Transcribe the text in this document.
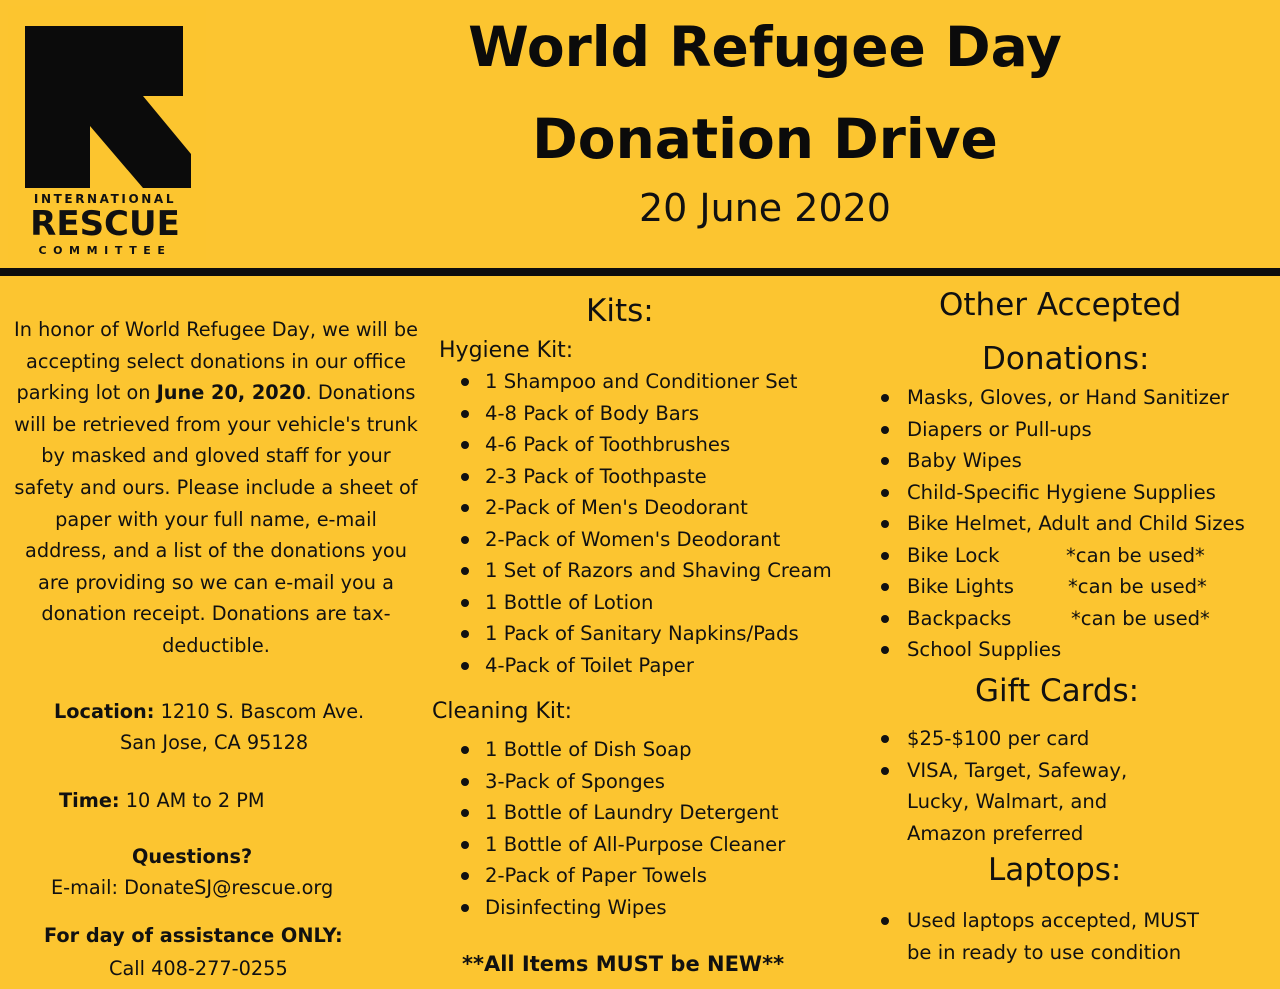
INTERNATIONAL
RESCUE
COMMITTEE
World Refugee Day
Donation Drive
20 June 2020
In honor of World Refugee Day, we will be accepting select donations in our office parking lot on June 20, 2020. Donations will be retrieved from your vehicle's trunk by masked and gloved staff for your safety and ours. Please include a sheet of paper with your full name, e-mail address, and a list of the donations you are providing so we can e-mail you a donation receipt. Donations are tax-deductible.
Location: 1210 S. Bascom Ave.
San Jose, CA 95128
Time: 10 AM to 2 PM
Questions?
E-mail: DonateSJ@rescue.org
For day of assistance ONLY:
Call 408-277-0255
Kits:
Hygiene Kit:
1 Shampoo and Conditioner Set
4-8 Pack of Body Bars
4-6 Pack of Toothbrushes
2-3 Pack of Toothpaste
2-Pack of Men's Deodorant
2-Pack of Women's Deodorant
1 Set of Razors and Shaving Cream
1 Bottle of Lotion
1 Pack of Sanitary Napkins/Pads
4-Pack of Toilet Paper
Cleaning Kit:
1 Bottle of Dish Soap
3-Pack of Sponges
1 Bottle of Laundry Detergent
1 Bottle of All-Purpose Cleaner
2-Pack of Paper Towels
Disinfecting Wipes
**All Items MUST be NEW**
Other Accepted
Donations:
Masks, Gloves, or Hand Sanitizer
Diapers or Pull-ups
Baby Wipes
Child-Specific Hygiene Supplies
Bike Helmet, Adult and Child Sizes
Bike Lock
Bike Lights
Backpacks
School Supplies
*can be used*
*can be used*
*can be used*
Gift Cards:
$25-$100 per card
VISA, Target, Safeway,
Lucky, Walmart, and
Amazon preferred
Laptops:
Used laptops accepted, MUST
be in ready to use condition
